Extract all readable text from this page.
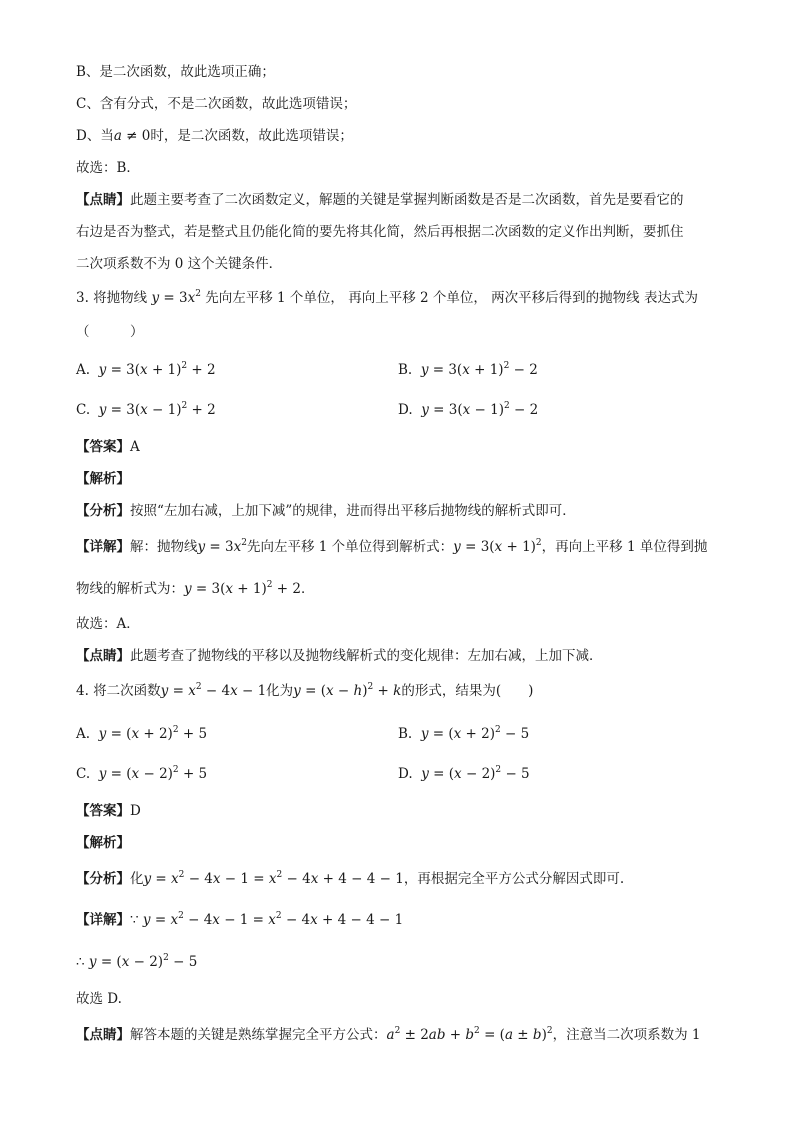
B、是二次函数，故此选项正确；
C、含有分式，不是二次函数，故此选项错误；
D、当a ≠ 0时，是二次函数，故此选项错误；
故选：B．
【点睛】此题主要考查了二次函数定义，解题的关键是掌握判断函数是否是二次函数，首先是要看它的
右边是否为整式，若是整式且仍能化简的要先将其化简，然后再根据二次函数的定义作出判断，要抓住
二次项系数不为 0 这个关键条件．
3. 将抛物线 $y = 3x^2$ 先向左平移 1 个单位， 再向上平移 2 个单位， 两次平移后得到的抛物线 表达式为
（　　　）
A. $y = 3(x + 1)^2 + 2$	B. $y = 3(x + 1)^2 - 2$
C. $y = 3(x - 1)^2 + 2$	D. $y = 3(x - 1)^2 - 2$
【答案】A
【解析】
【分析】按照“左加右减，上加下减”的规律，进而得出平移后抛物线的解析式即可．
【详解】解：抛物线$y = 3x^2$先向左平移 1 个单位得到解析式：$y = 3(x + 1)^2$，再向上平移 1 单位得到抛
物线的解析式为：$y = 3(x + 1)^2 + 2$．
故选：A．
【点睛】此题考查了抛物线的平移以及抛物线解析式的变化规律：左加右减，上加下减．
4. 将二次函数$y = x^2 - 4x - 1$化为$y = (x - h)^2 + k$的形式，结果为(　　)
A. $y = (x + 2)^2 + 5$	B. $y = (x + 2)^2 - 5$
C. $y = (x - 2)^2 + 5$	D. $y = (x - 2)^2 - 5$
【答案】D
【解析】
【分析】化$y = x^2 - 4x - 1 = x^2 - 4x + 4 - 4 - 1$，再根据完全平方公式分解因式即可.
【详解】∵ $y = x^2 - 4x - 1 = x^2 - 4x + 4 - 4 - 1$
∴ $y = (x - 2)^2 - 5$
故选 D.
【点睛】解答本题的关键是熟练掌握完全平方公式：$a^2 \pm 2ab + b^2 = (a \pm b)^2$，注意当二次项系数为 1
